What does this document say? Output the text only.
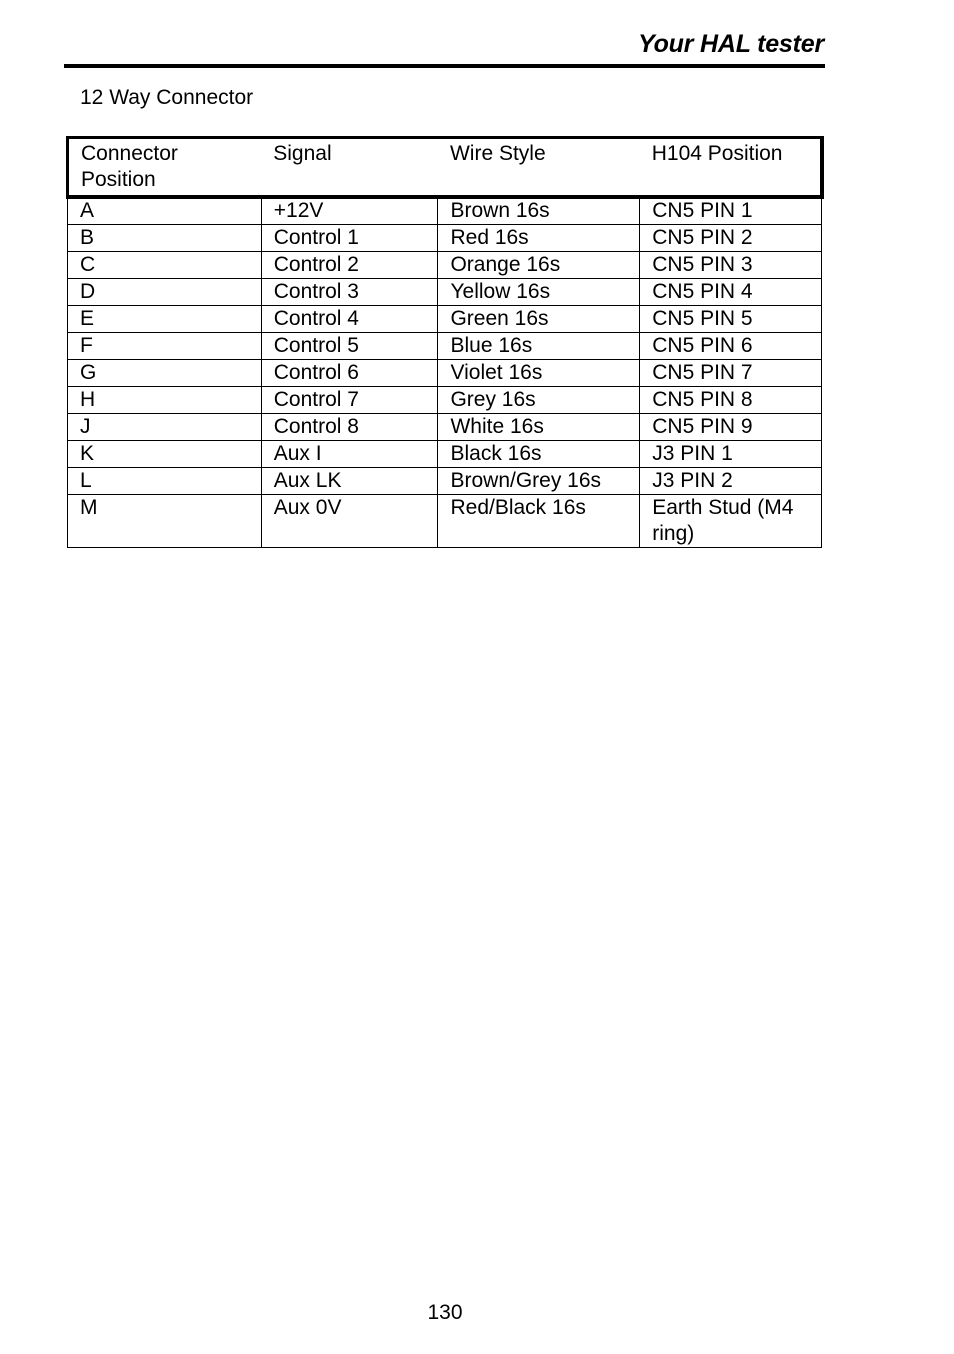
Your HAL tester
12 Way Connector
Connector
Position	Signal	Wire Style	H104 Position
A	+12V	Brown 16s	CN5 PIN 1
B	Control 1	Red 16s	CN5 PIN 2
C	Control 2	Orange 16s	CN5 PIN 3
D	Control 3	Yellow 16s	CN5 PIN 4
E	Control 4	Green 16s	CN5 PIN 5
F	Control 5	Blue 16s	CN5 PIN 6
G	Control 6	Violet 16s	CN5 PIN 7
H	Control 7	Grey 16s	CN5 PIN 8
J	Control 8	White 16s	CN5 PIN 9
K	Aux I	Black 16s	J3 PIN 1
L	Aux LK	Brown/Grey 16s	J3 PIN 2
M	Aux 0V	Red/Black 16s	Earth Stud (M4
ring)
130
